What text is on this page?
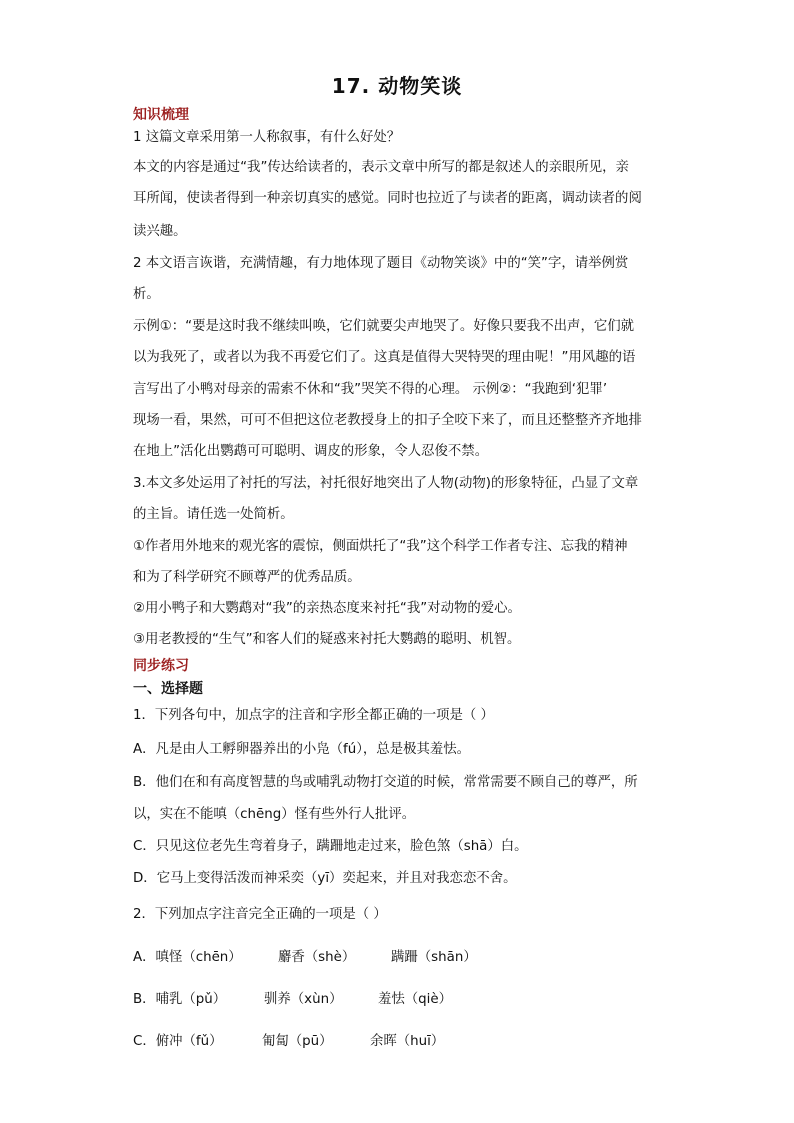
17. 动物笑谈
知识梳理
1 这篇文章采用第一人称叙事，有什么好处？
本文的内容是通过“我”传达给读者的，表示文章中所写的都是叙述人的亲眼所见，亲
耳所闻，使读者得到一种亲切真实的感觉。同时也拉近了与读者的距离，调动读者的阅
读兴趣。
2 本文语言诙谐，充满情趣，有力地体现了题目《动物笑谈》中的“笑”字，请举例赏
析。
示例①：“要是这时我不继续叫唤，它们就要尖声地哭了。好像只要我不出声，它们就
以为我死了，或者以为我不再爱它们了。这真是值得大哭特哭的理由呢！”用风趣的语
言写出了小鸭对母亲的需索不休和“我”哭笑不得的心理。 示例②：“我跑到‘犯罪’
现场一看，果然，可可不但把这位老教授身上的扣子全咬下来了，而且还整整齐齐地排
在地上”活化出鹦鹉可可聪明、调皮的形象，令人忍俊不禁。
3.本文多处运用了衬托的写法，衬托很好地突出了人物(动物)的形象特征，凸显了文章
的主旨。请任选一处简析。
①作者用外地来的观光客的震惊，侧面烘托了“我”这个科学工作者专注、忘我的精神
和为了科学研究不顾尊严的优秀品质。
②用小鸭子和大鹦鹉对“我”的亲热态度来衬托“我”对动物的爱心。
③用老教授的“生气”和客人们的疑惑来衬托大鹦鹉的聪明、机智。
同步练习
一、选择题
1．下列各句中，加点字的注音和字形全都正确的一项是（ ）
A．凡是由人工孵卵器养出的小凫（fú），总是极其羞怯。
B．他们在和有高度智慧的鸟或哺乳动物打交道的时候，常常需要不顾自己的尊严，所
以，实在不能嗔（chēng）怪有些外行人批评。
C．只见这位老先生弯着身子，蹒跚地走过来，脸色煞（shā）白。
D．它马上变得活泼而神采奕（yī）奕起来，并且对我恋恋不舍。
2．下列加点字注音完全正确的一项是（ ）
A．嗔怪（chēn）	麝香（shè）	蹒跚（shān）
B．哺乳（pǔ）	驯养（xùn）	羞怯（qiè）
C．俯冲（fǔ）	匍匐（pū）	余晖（huī）
